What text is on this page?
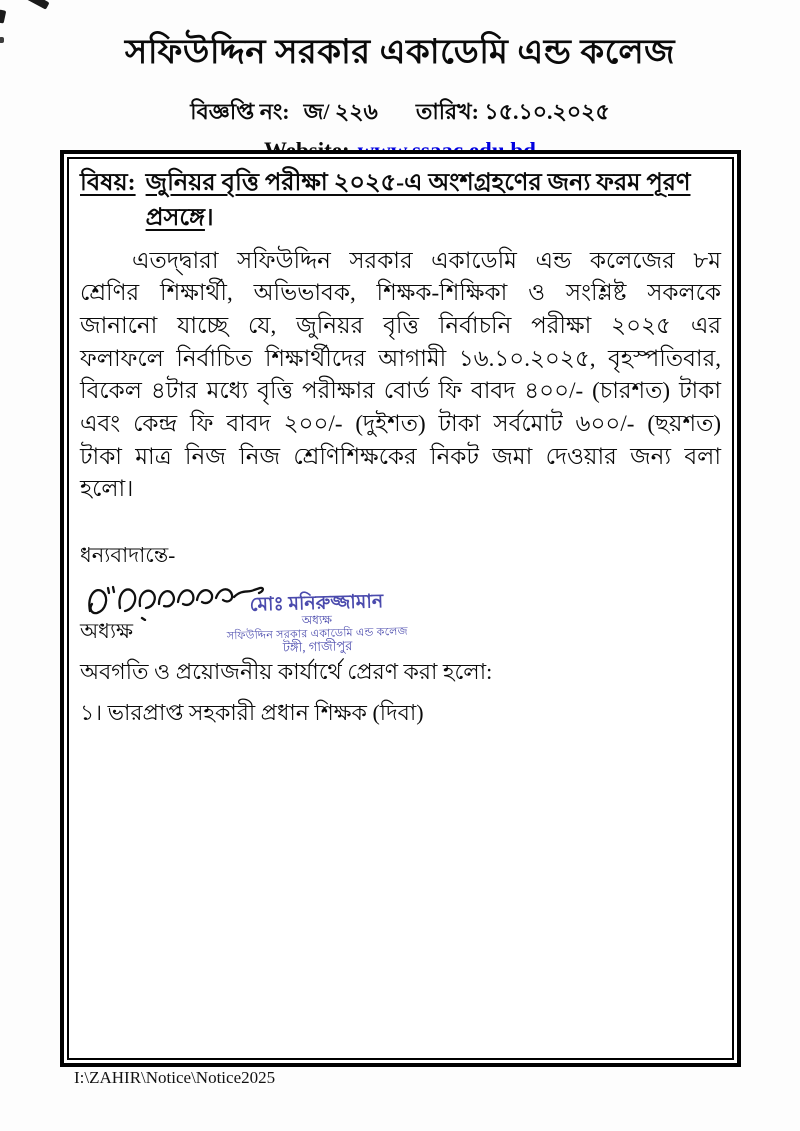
সফিউদ্দিন সরকার একাডেমি এন্ড কলেজ
বিজ্ঞপ্তি নং: জ/ ২২৬ তারিখ:
১৫.১০.২০২৫
বিষয়: জুনিয়র বৃত্তি পরীক্ষা ২০২৫-এ অংশগ্রহণের জন্য ফরম পূরণ
প্রসঙ্গে।
এতদ্দ্বারা সফিউদ্দিন সরকার একাডেমি এন্ড কলেজের ৮ম শ্রেণির শিক্ষার্থী, অভিভাবক, শিক্ষক-শিক্ষিকা ও সংশ্লিষ্ট সকলকে জানানো যাচ্ছে যে, জুনিয়র বৃত্তি নির্বাচনি পরীক্ষা ২০২৫ এর ফলাফলে নির্বাচিত শিক্ষার্থীদের আগামী ১৬.১০.২০২৫, বৃহস্পতিবার, বিকেল ৪টার মধ্যে বৃত্তি পরীক্ষার বোর্ড ফি বাবদ ৪০০/- (চারশত) টাকা এবং কেন্দ্র ফি বাবদ ২০০/- (দুইশত) টাকা সর্বমোট ৬০০/- (ছয়শত) টাকা মাত্র নিজ নিজ শ্রেণিশিক্ষকের নিকট জমা দেওয়ার জন্য বলা হলো।
ধন্যবাদান্তে-
অধ্যক্ষ
অবগতি ও প্রয়োজনীয় কার্যার্থে প্রেরণ করা হলো:
মোঃ মনিরুজ্জামান
অধ্যক্ষ
সফিউদ্দিন সরকার একাডেমি এন্ড কলেজ
টঙ্গী, গাজীপুর
১। ভারপ্রাপ্ত সহকারী প্রধান শিক্ষক (দিবা)
I:\ZAHIR\Notice\Notice2025
